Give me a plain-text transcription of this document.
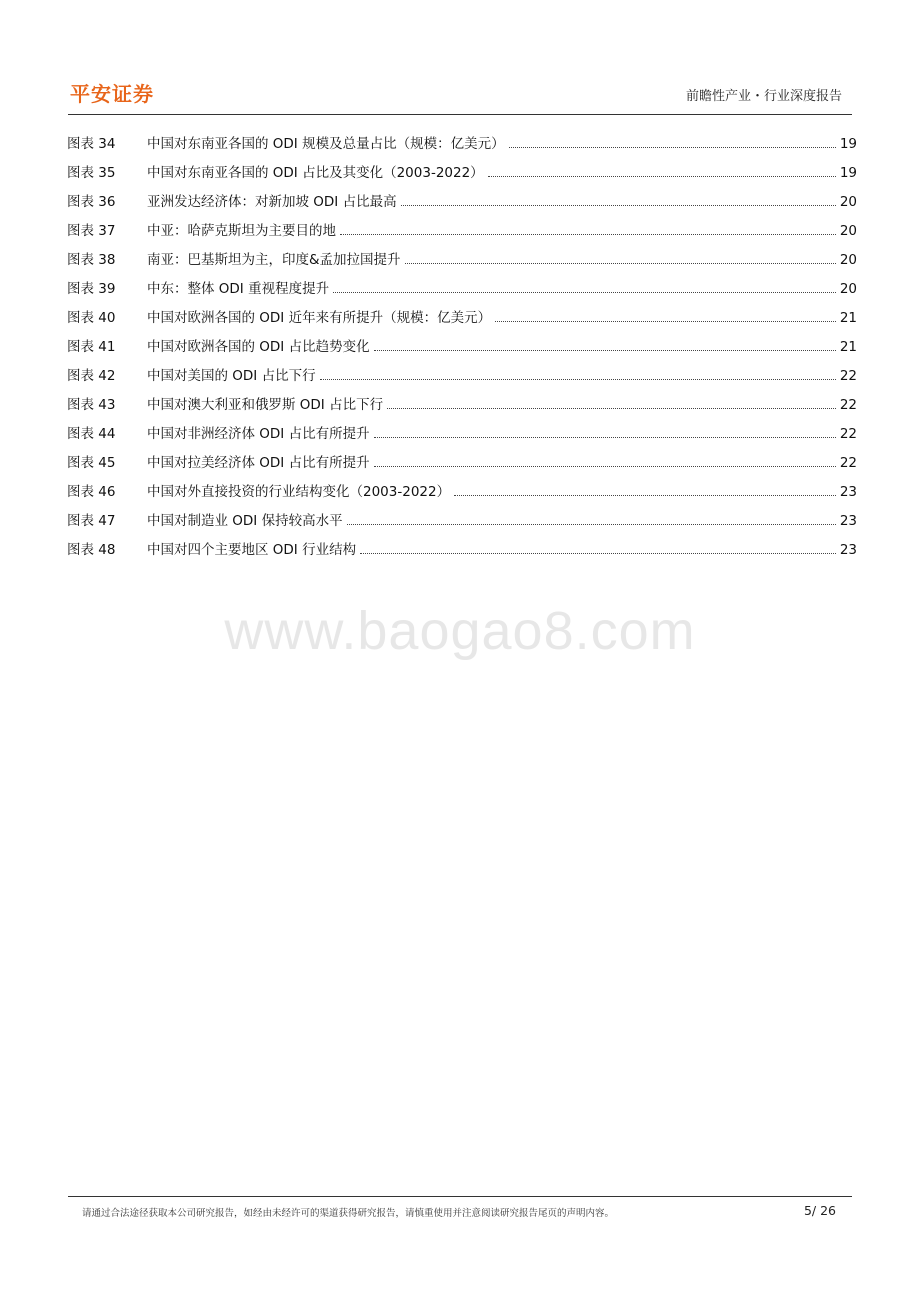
平安证券	前瞻性产业・行业深度报告
图表 34	中国对东南亚各国的 ODI 规模及总量占比（规模：亿美元）	19
图表 35	中国对东南亚各国的 ODI 占比及其变化（2003-2022）	19
图表 36	亚洲发达经济体：对新加坡 ODI 占比最高	20
图表 37	中亚：哈萨克斯坦为主要目的地	20
图表 38	南亚：巴基斯坦为主，印度&孟加拉国提升	20
图表 39	中东：整体 ODI 重视程度提升	20
图表 40	中国对欧洲各国的 ODI 近年来有所提升（规模：亿美元）	21
图表 41	中国对欧洲各国的 ODI 占比趋势变化	21
图表 42	中国对美国的 ODI 占比下行	22
图表 43	中国对澳大利亚和俄罗斯 ODI 占比下行	22
图表 44	中国对非洲经济体 ODI 占比有所提升	22
图表 45	中国对拉美经济体 ODI 占比有所提升	22
图表 46	中国对外直接投资的行业结构变化（2003-2022）	23
图表 47	中国对制造业 ODI 保持较高水平	23
图表 48	中国对四个主要地区 ODI 行业结构	23
www.baogao8.com
请通过合法途径获取本公司研究报告，如经由未经许可的渠道获得研究报告，请慎重使用并注意阅读研究报告尾页的声明内容。	5/ 26
